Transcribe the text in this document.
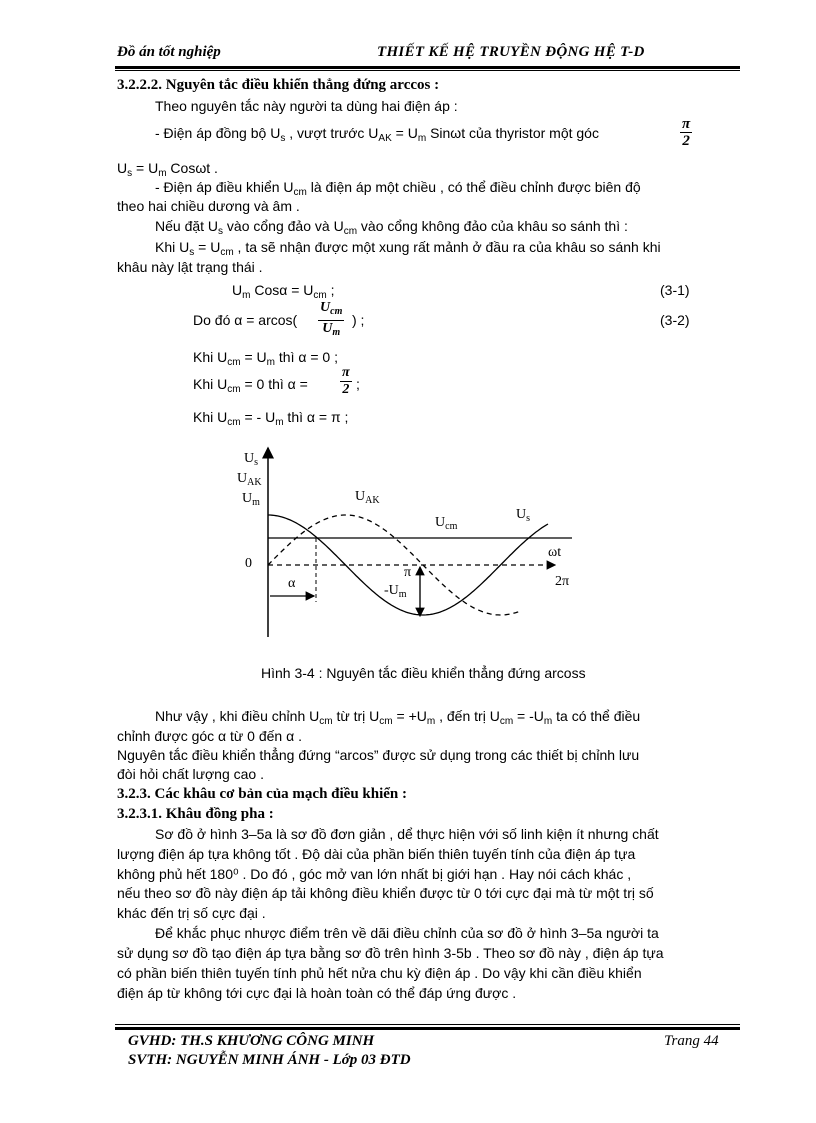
Đồ án tốt nghiệp	THIẾT KẾ HỆ TRUYỀN ĐỘNG HỆ T-D
3.2.2.2. Nguyên tắc điều khiển thẳng đứng arccos :
Theo nguyên tắc này người ta dùng hai điện áp :
- Điện áp đồng bộ $U_s$ , vượt trước $U_{AK} = U_m$ Sinωt của thyristor một góc	$\frac{\pi}{2}$
$U_s = U_m$ Cosωt .
- Điện áp điều khiển $U_{cm}$ là điện áp một chiều , có thể điều chỉnh được biên độ
theo hai chiều dương và âm .
Nếu đặt $U_s$ vào cổng đảo và $U_{cm}$ vào cổng không đảo của khâu so sánh thì :
Khi $U_s = U_{cm}$ , ta sẽ nhận được một xung rất mảnh ở đầu ra của khâu so sánh khi
khâu này lật trạng thái .
$U_m$ $Cos\alpha = U_{cm}$ ;	(3-1)
Do đó α = arcos(
$U_{cm}$
$U_m$
) ;	(3-2)
Khi $U_{cm} = U_m$ thì α = 0 ;
Khi $U_{cm} = 0$ thì $\alpha = \frac{\pi}{2}$ ;
Khi $U_{cm}$ = - $U_m$ thì α = π ;
$U_s$
$U_{AK}$
$U_m$
0
$U_{AK}$
$U_{cm}$
$U_s$
ωt
2π
π
$-U_m$
α
Hình 3-4 : Nguyên tắc điều khiển thẳng đứng arcoss
Như vậy , khi điều chỉnh $U_{cm}$ từ trị $U_{cm} = +U_m$ , đến trị $U_{cm} = -U_m$ ta có thể điều
chỉnh được góc α từ 0 đến α .
Nguyên tắc điều khiển thẳng đứng “arcos” được sử dụng trong các thiết bị chỉnh lưu
đòi hỏi chất lượng cao .
3.2.3. Các khâu cơ bản của mạch điều khiển :
3.2.3.1. Khâu đồng pha :
Sơ đồ ở hình 3–5a là sơ đồ đơn giản , dể thực hiện với số linh kiện ít nhưng chất
lượng điện áp tựa không tốt . Độ dài của phần biến thiên tuyến tính của điện áp tựa
không phủ hết 180⁰ . Do đó , góc mở van lớn nhất bị giới hạn . Hay nói cách khác ,
nếu theo sơ đồ này điện áp tải không điều khiển được từ 0 tới cực đại mà từ một trị số
khác đến trị số cực đại .
Để khắc phục nhược điểm trên về dãi điều chỉnh của sơ đồ ở hình 3–5a người ta
sử dụng sơ đồ tạo điện áp tựa bằng sơ đồ trên hình 3-5b . Theo sơ đồ này , điện áp tựa
có phần biến thiên tuyến tính phủ hết nửa chu kỳ điện áp . Do vậy khi cần điều khiển
điện áp từ không tới cực đại là hoàn toàn có thể đáp ứng được .
GVHD: TH.S KHƯƠNG CÔNG MINH	Trang 44
SVTH: NGUYỄN MINH ÁNH - Lớp 03 ĐTD
